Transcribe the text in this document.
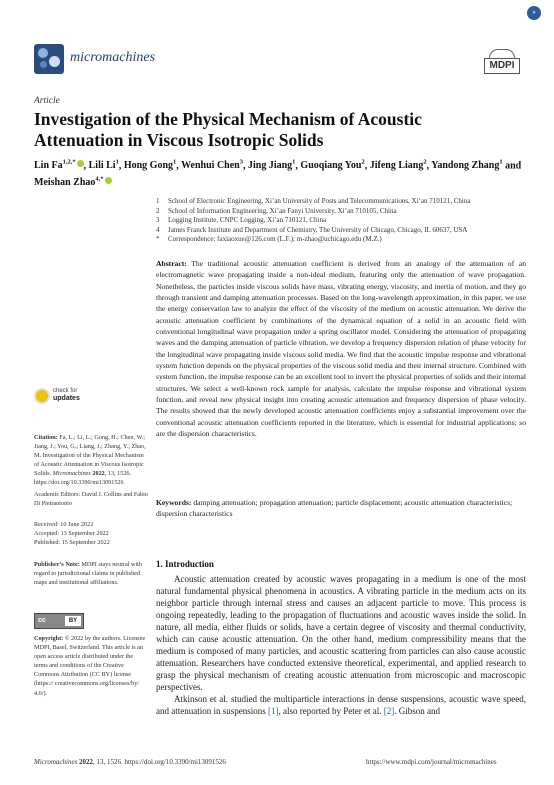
»
micromachines
MDPI
Article
Investigation of the Physical Mechanism of Acoustic Attenuation in Viscous Isotropic Solids
Lin $Fa^{1,2,*}$ , Lili Li$^1$, Hong Gong$^1$, Wenhui Chen$^3$, Jing Jiang$^1$, Guoqiang You$^2$, Jifeng Liang$^2$, Yandong Zhang$^1$ and Meishan Zhao$^{4,*}$
1	School of Electronic Engineering, Xi’an University of Posts and Telecommunications, Xi’an 710121, China
2	School of Information Engineering, Xi’an Fanyi University, Xi’an 710105, China
3	Logging Institute, CNPC Logging, Xi’an 710121, China
4	James Franck Institute and Department of Chemistry, The University of Chicago, Chicago, IL 60637, USA
*	Correspondence: faxiaoxue@126.com (L.F.); m-zhao@uchicago.edu (M.Z.)
Abstract: The traditional acoustic attenuation coefficient is derived from an analogy of the attenuation of an electromagnetic wave propagating inside a non-ideal medium, featuring only the attenuation of wave propagation. Nonetheless, the particles inside viscous solids have mass, vibrating energy, viscosity, and inertia of motion, and they go through transient and damping attenuation processes. Based on the long-wavelength approximation, in this paper, we use the energy conservation law to analyze the effect of the viscosity of the medium on acoustic attenuation. We derive the acoustic attenuation coefficient by combinations of the dynamical equation of a solid in an acoustic field with conventional longitudinal wave propagation under a spring oscillator model. Considering the attenuation of propagating waves and the damping attenuation of particle vibration, we develop a frequency dispersion relation of phase velocity for the longitudinal wave propagating inside viscous solid media. We find that the acoustic impulse response and vibrational system function depends on the physical properties of the viscous solid media and their internal structure. Combined with system function, the impulse response can be an excellent tool to invert the physical properties of solids and their internal structures. We select a well-known rock sample for analysis, calculate the impulse response and vibrational system function, and reveal new physical insight into creating acoustic attenuation and frequency dispersion of phase velocity. The results showed that the newly developed acoustic attenuation coefficients enjoy a substantial improvement over the conventional acoustic attenuation coefficients reported in the literature, which is essential for industrial applications; so are the dispersion characteristics.
Keywords: damping attenuation; propagation attenuation; particle displacement; acoustic attenuation characteristics; dispersion characteristics
check for
updates
Citation: Fa, L.; Li, L.; Gong, H.; Chen, W.; Jiang, J.; You, G.; Liang, J.; Zhang, Y.; Zhao, M. Investigation of the Physical Mechanism of Acoustic Attenuation in Viscous Isotropic Solids. Micromachines 2022, 13, 1526. https://doi.org/10.3390/mi13091526
Academic Editors: David J. Collins and Fabio Di Pietrantonio
Received: 10 June 2022
Accepted: 13 September 2022
Published: 15 September 2022
Publisher’s Note: MDPI stays neutral with regard to jurisdictional claims in published maps and institutional affiliations.
cc	BY
Copyright: © 2022 by the authors. Licensee MDPI, Basel, Switzerland. This article is an open access article distributed under the terms and conditions of the Creative Commons Attribution (CC BY) license (https:// creativecommons.org/licenses/by/ 4.0/).
1. Introduction
Acoustic attenuation created by acoustic waves propagating in a medium is one of the most natural fundamental physical phenomena in acoustics. A vibrating particle in the medium acts on its neighbor particle through internal stress and causes an adjacent particle to move. This process is ongoing repeatedly, leading to the propagation of fluctuations and acoustic waves inside the solid. In nature, all media, either fluids or solids, have a certain degree of viscosity and thermal conductivity, which can cause acoustic attenuation. On the other hand, medium compressibility means that the medium is composed of many particles, and acoustic scattering from particles can also cause acoustic attenuation. Researchers have conducted extensive theoretical, experimental, and applied research to grasp the physical mechanism of creating acoustic attenuation from microscopic and macroscopic perspectives.
Atkinson et al. studied the multiparticle interactions in dense suspensions, acoustic wave speed, and attenuation in suspensions [1], also reported by Peter et al. [2]. Gibson and
Micromachines 2022, 13, 1526. https://doi.org/10.3390/mi13091526	https://www.mdpi.com/journal/micromachines
